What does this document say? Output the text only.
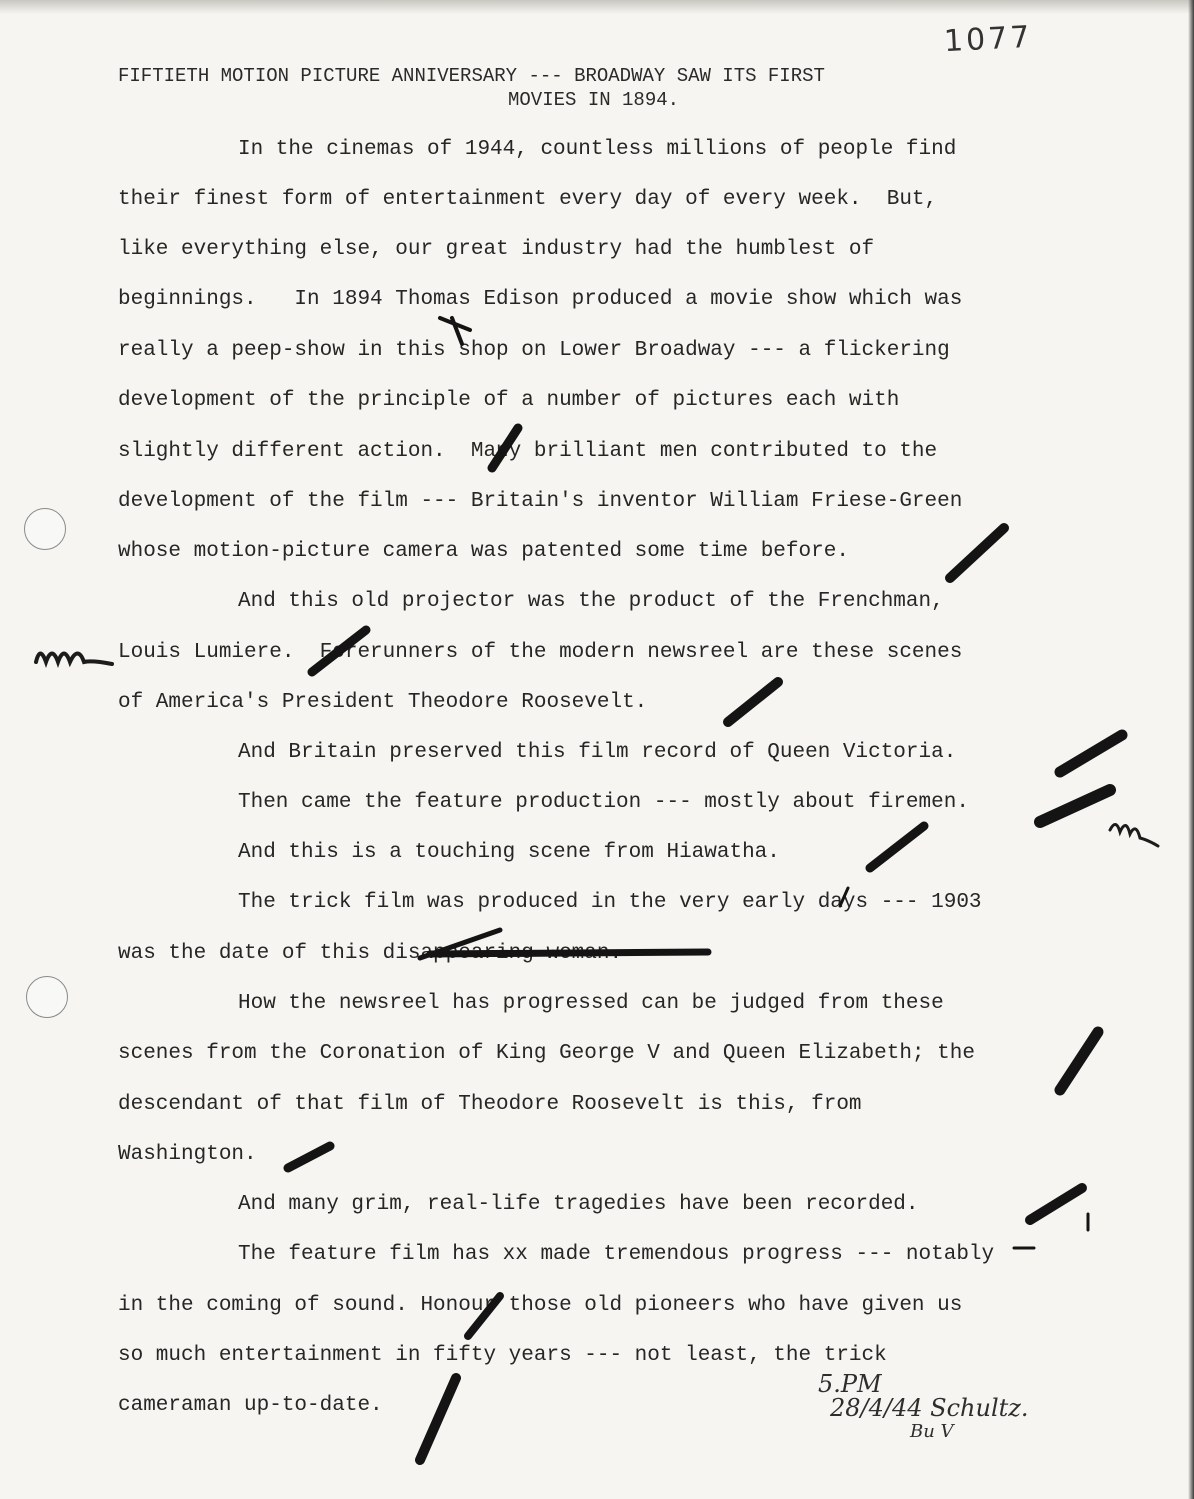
1077
FIFTIETH MOTION PICTURE ANNIVERSARY --- BROADWAY SAW ITS FIRST
MOVIES IN 1894.
In the cinemas of 1944, countless millions of people find
their finest form of entertainment every day of every week.  But,
like everything else, our great industry had the humblest of
beginnings.   In 1894 Thomas Edison produced a movie show which was
really a peep-show in this shop on Lower Broadway --- a flickering
development of the principle of a number of pictures each with
slightly different action.  Many brilliant men contributed to the
development of the film --- Britain's inventor William Friese-Green
whose motion-picture camera was patented some time before.
And this old projector was the product of the Frenchman,
Louis Lumiere.  Forerunners of the modern newsreel are these scenes
of America's President Theodore Roosevelt.
And Britain preserved this film record of Queen Victoria.
Then came the feature production --- mostly about firemen.
And this is a touching scene from Hiawatha.
The trick film was produced in the very early days --- 1903
was the date of this disappearing woman.
How the newsreel has progressed can be judged from these
scenes from the Coronation of King George V and Queen Elizabeth; the
descendant of that film of Theodore Roosevelt is this, from
Washington.
And many grim, real-life tragedies have been recorded.
The feature film has xx made tremendous progress --- notably
in the coming of sound. Honour those old pioneers who have given us
so much entertainment in fifty years --- not least, the trick
cameraman up-to-date.
5.PM
28/4/44 Schultz.
Bu V
